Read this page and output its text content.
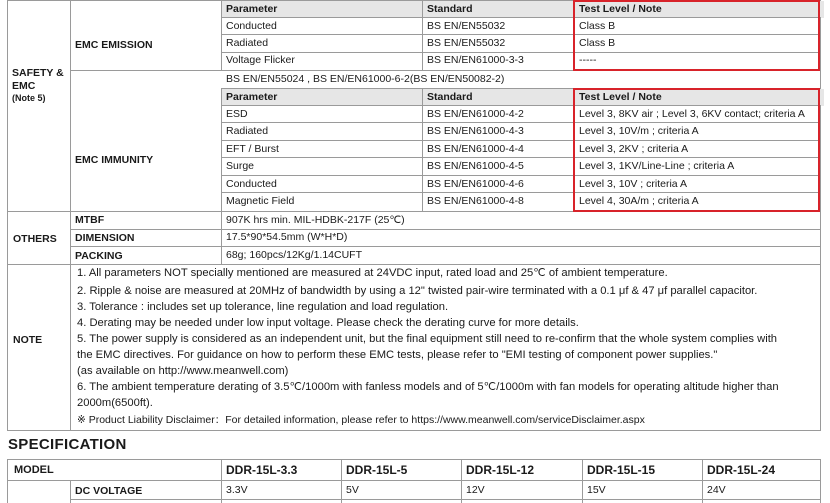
SAFETY &
EMC
(Note 5)
EMC EMISSION
Parameter	Standard	Test Level / Note
Conducted	BS EN/EN55032	Class B
Radiated	BS EN/EN55032	Class B
Voltage Flicker	BS EN/EN61000-3-3	-----
BS EN/EN55024 , BS EN/EN61000-6-2(BS EN/EN50082-2)
EMC IMMUNITY
Parameter	Standard	Test Level / Note
ESD	BS EN/EN61000-4-2	Level 3, 8KV air ; Level 3, 6KV contact; criteria A
Radiated	BS EN/EN61000-4-3	Level 3, 10V/m ; criteria A
EFT / Burst	BS EN/EN61000-4-4	Level 3, 2KV ; criteria A
Surge	BS EN/EN61000-4-5	Level 3, 1KV/Line-Line ; criteria A
Conducted	BS EN/EN61000-4-6	Level 3, 10V ; criteria A
Magnetic Field	BS EN/EN61000-4-8	Level 4, 30A/m ; criteria A
OTHERS
MTBF	907K hrs min. MIL-HDBK-217F (25℃)
DIMENSION	17.5*90*54.5mm (W*H*D)
PACKING	68g; 160pcs/12Kg/1.14CUFT
NOTE
1. All parameters NOT specially mentioned are measured at 24VDC input, rated load and 25℃ of ambient temperature.
2. Ripple & noise are measured at 20MHz of bandwidth by using a 12" twisted pair-wire terminated with a 0.1 μf & 47 μf parallel capacitor.
3. Tolerance : includes set up tolerance, line regulation and load regulation.
4. Derating may be needed under low input voltage. Please check the derating curve for more details.
5. The power supply is considered as an independent unit, but the final equipment still need to re-confirm that the whole system complies with
the EMC directives. For guidance on how to perform these EMC tests, please refer to "EMI testing of component power supplies."
(as available on http://www.meanwell.com)
6. The ambient temperature derating of 3.5℃/1000m with fanless models and of 5℃/1000m with fan models for operating altitude higher than
2000m(6500ft).
※ Product Liability Disclaimer：For detailed information, please refer to https://www.meanwell.com/serviceDisclaimer.aspx
SPECIFICATION
MODEL	DDR-15L-3.3	DDR-15L-5	DDR-15L-12	DDR-15L-15	DDR-15L-24
DC VOLTAGE	3.3V	5V	12V	15V	24V
